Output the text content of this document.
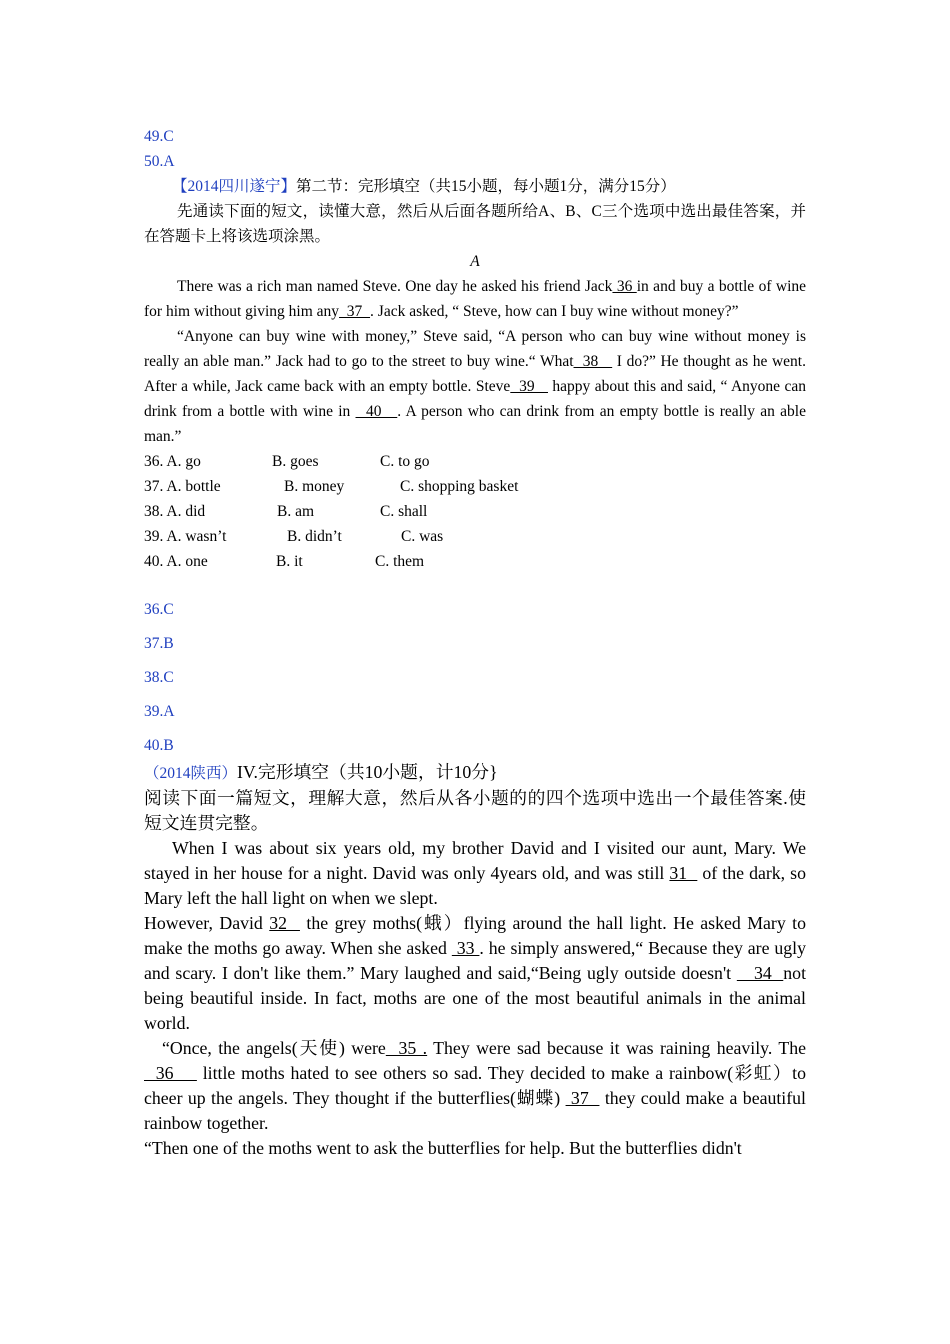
49.C
50.A

【2014四川遂宁】第二节：完形填空（共15小题，每小题1分，满分15分）

先通读下面的短文，读懂大意，然后从后面各题所给A、B、C三个选项中选出最佳答案，并在答题卡上将该选项涂黑。

A

There was a rich man named Steve. One day he asked his friend Jack 36 in and buy a bottle of wine for him without giving him any  37  . Jack asked, “ Steve, how can I buy wine without money?”

“Anyone can buy wine with money,” Steve said, “A person who can buy wine without money is really an able man.” Jack had to go to the street to buy wine.“ What  38    I do?” He thought as he went. After a while, Jack came back with an empty bottle. Steve  39    happy about this and said, “ Anyone can drink from a bottle with wine in   40   . A person who can drink from an empty bottle is really an able man.”

36. A. go	B. goes	C. to go
37. A. bottle	B. money	C. shopping basket
38. A. did	B. am	C. shall
39. A. wasn’t	B. didn’t	C. was
40. A. one	B. it	C. them
36.C
37.B
38.C
39.A
40.B

（2014陕西）IV.完形填空（共10小题，计10分}

阅读下面一篇短文，理解大意，然后从各小题的的四个选项中选出一个最佳答案.使短文连贯完整。

When I was about six years old, my brother David and I visited our aunt, Mary. We stayed in her house for a night. David was only 4years old, and was still 31   of the dark, so Mary left the hall light on when we slept.

However, David 32   the grey moths(蛾）flying around the hall light. He asked Mary to make the moths go away. When she asked  33 . he simply answered,“ Because they are ugly and scary. I don't like them.” Mary laughed and said,“Being ugly outside doesn't    34  not being beautiful inside. In fact, moths are one of the most beautiful animals in the animal world.

“Once, the angels(天使) were  35 . They were sad because it was raining heavily. The   36     little moths hated to see others so sad. They decided to make a rainbow(彩虹）to cheer up the angels. They thought if the butterflies(蝴蝶)  37   they could make a beautiful rainbow together.

“Then one of the moths went to ask the butterflies for help. But the butterflies didn't
